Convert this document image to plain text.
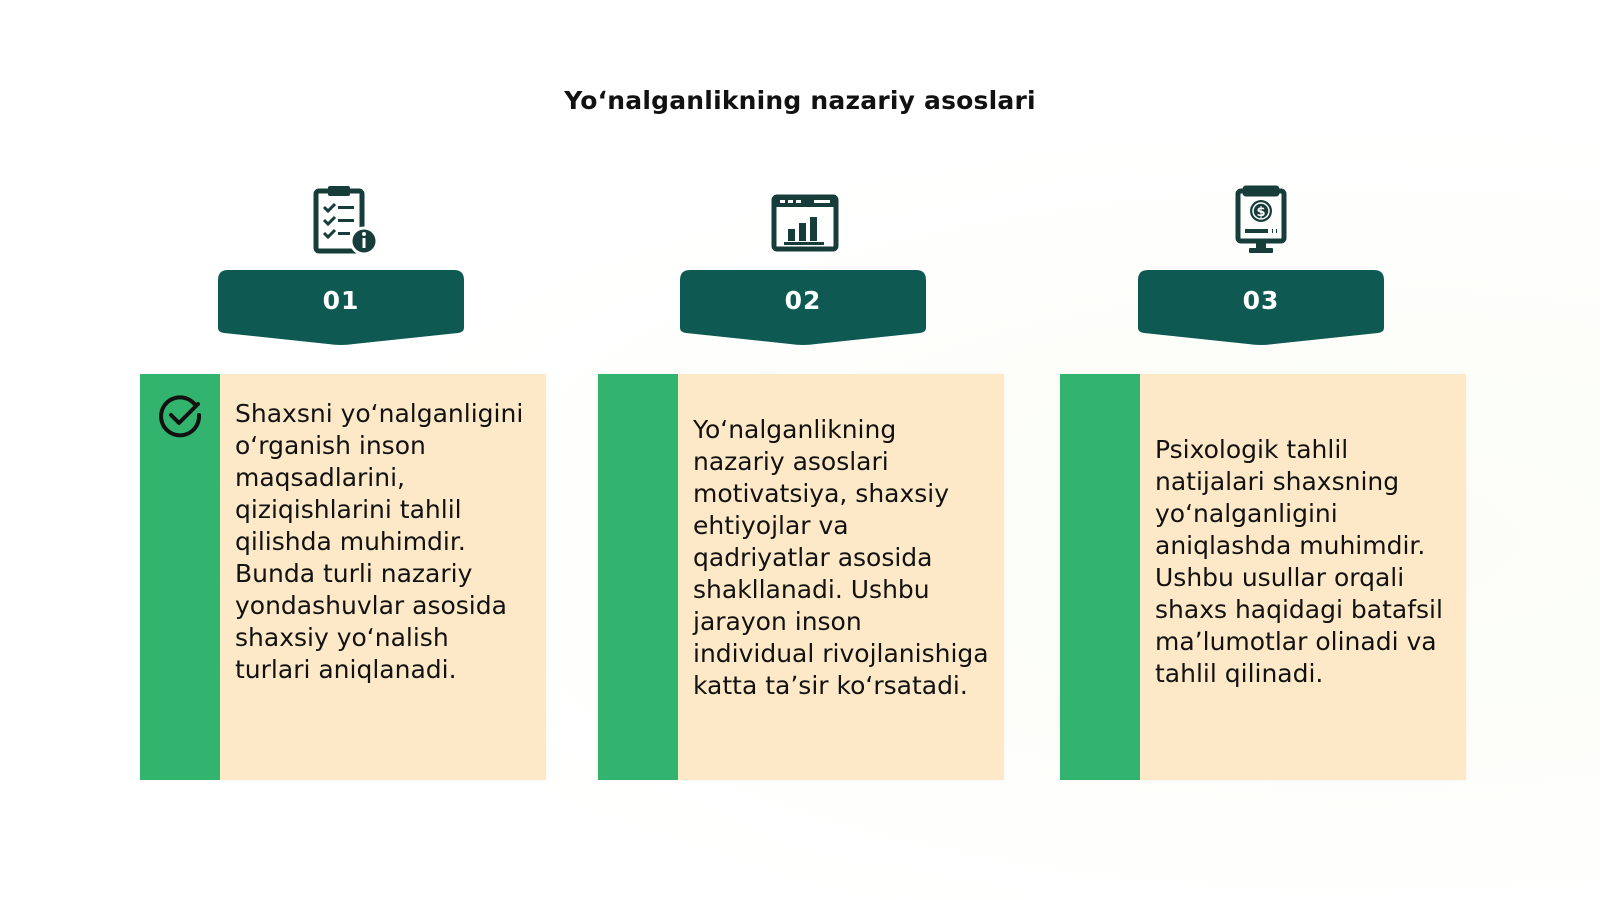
Yoʻnalganlikning nazariy asoslari
01
Shaxsni yoʻnalganligini oʻrganish inson maqsadlarini, qiziqishlarini tahlil qilishda muhimdir. Bunda turli nazariy yondashuvlar asosida shaxsiy yoʻnalish turlari aniqlanadi.
02
Yoʻnalganlikning nazariy asoslari motivatsiya, shaxsiy ehtiyojlar va qadriyatlar asosida shakllanadi. Ushbu jarayon inson individual rivojlanishiga katta taʼsir koʻrsatadi.
$
03
Psixologik tahlil natijalari shaxsning yoʻnalganligini aniqlashda muhimdir. Ushbu usullar orqali shaxs haqidagi batafsil maʼlumotlar olinadi va tahlil qilinadi.
